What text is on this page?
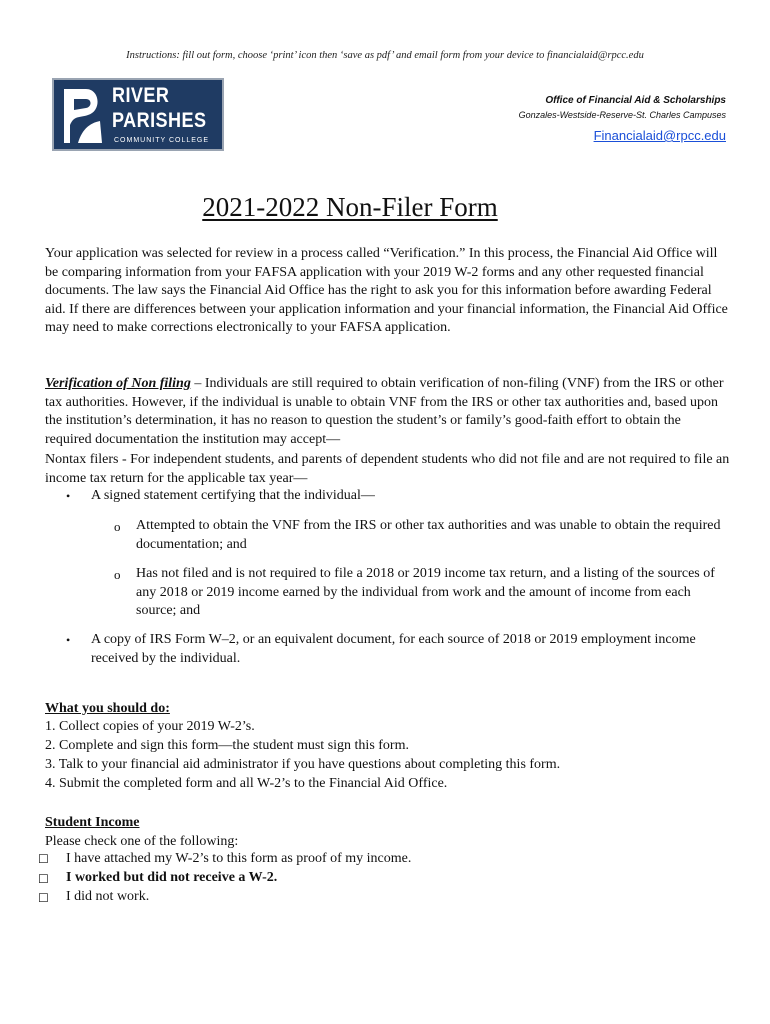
Instructions: fill out form, choose ‘print’ icon then ‘save as pdf’ and email form from your device to financialaid@rpcc.edu
RIVER
PARISHES
COMMUNITY COLLEGE
Office of Financial Aid & Scholarships
Gonzales-Westside-Reserve-St. Charles Campuses
Financialaid@rpcc.edu
2021-2022 Non-Filer Form
Your application was selected for review in a process called “Verification.” In this process, the Financial Aid Office will be comparing information from your FAFSA application with your 2019 W-2 forms and any other requested financial documents. The law says the Financial Aid Office has the right to ask you for this information before awarding Federal aid. If there are differences between your application information and your financial information, the Financial Aid Office may need to make corrections electronically to your FAFSA application.
Verification of Non filing – Individuals are still required to obtain verification of non-filing (VNF) from the IRS or other tax authorities. However, if the individual is unable to obtain VNF from the IRS or other tax authorities and, based upon the institution’s determination, it has no reason to question the student’s or family’s good-faith effort to obtain the required documentation the institution may accept—
Nontax filers - For independent students, and parents of dependent students who did not file and are not required to file an income tax return for the applicable tax year—
• A signed statement certifying that the individual—
o Attempted to obtain the VNF from the IRS or other tax authorities and was unable to obtain the required documentation; and
o Has not filed and is not required to file a 2018 or 2019 income tax return, and a listing of the sources of any 2018 or 2019 income earned by the individual from work and the amount of income from each source; and
• A copy of IRS Form W–2, or an equivalent document, for each source of 2018 or 2019 employment income received by the individual.
What you should do:
1. Collect copies of your 2019 W-2’s.
2. Complete and sign this form—the student must sign this form.
3. Talk to your financial aid administrator if you have questions about completing this form.
4. Submit the completed form and all W-2’s to the Financial Aid Office.
Student Income
Please check one of the following:
☐ I have attached my W-2’s to this form as proof of my income.
☐ I worked but did not receive a W-2.
☐ I did not work.
